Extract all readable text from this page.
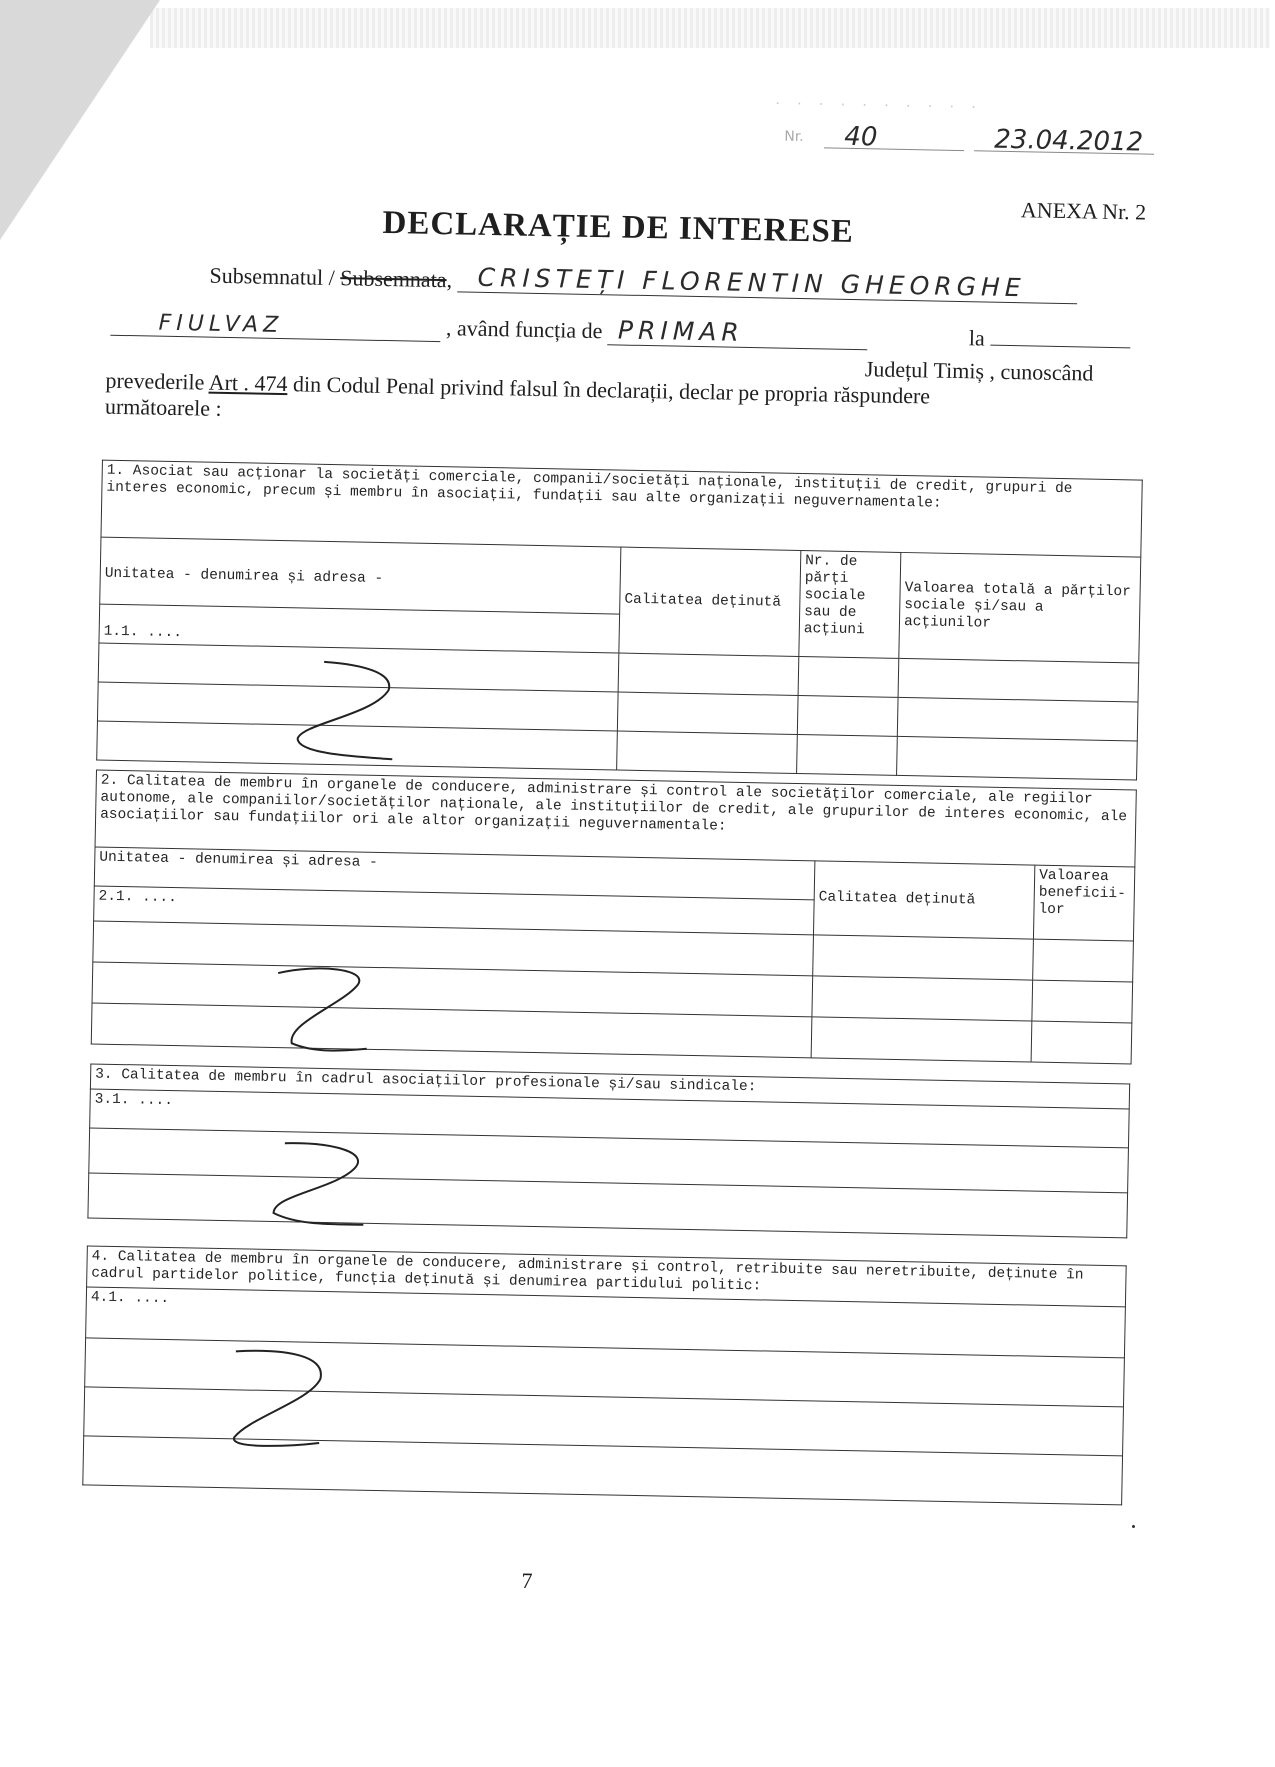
· · · · · · · · · ·
Nr. 40	23.04.2012
ANEXA Nr. 2
DECLARAȚIE DE INTERESE
Subsemnatul / Subsemnata, CRISTEȚI FLORENTIN GHEORGHE
FIULVAZ	, având funcția de PRIMAR	la
prevederile Art . 474 din Codul Penal privind falsul în declarații, declar pe propria răspundere
Județul Timiș , cunoscând
următoarele :
1. Asociat sau acționar la societăți comerciale, companii/societăți naționale, instituții de credit, grupuri de interes economic, precum și membru în asociații, fundații sau alte organizații neguvernamentale:			
Unitatea - denumirea și adresa -	Calitatea deținută	Nr. de părți sociale sau de acțiuni	Valoarea totală a părților sociale și/sau a acțiunilor
1.1. ....			

2. Calitatea de membru în organele de conducere, administrare și control ale societăților comerciale, ale regiilor autonome, ale companiilor/societăților naționale, ale instituțiilor de credit, ale grupurilor de interes economic, ale asociațiilor sau fundațiilor ori ale altor organizații neguvernamentale:		
Unitatea - denumirea și adresa -	Calitatea deținută	Valoarea beneficii-lor
2.1. ....		

3. Calitatea de membru în cadrul asociațiilor profesionale și/sau sindicale:
3.1. ....

4. Calitatea de membru în organele de conducere, administrare și control, retribuite sau neretribuite, deținute în cadrul partidelor politice, funcția deținută și denumirea partidului politic:
4.1. ....

7
